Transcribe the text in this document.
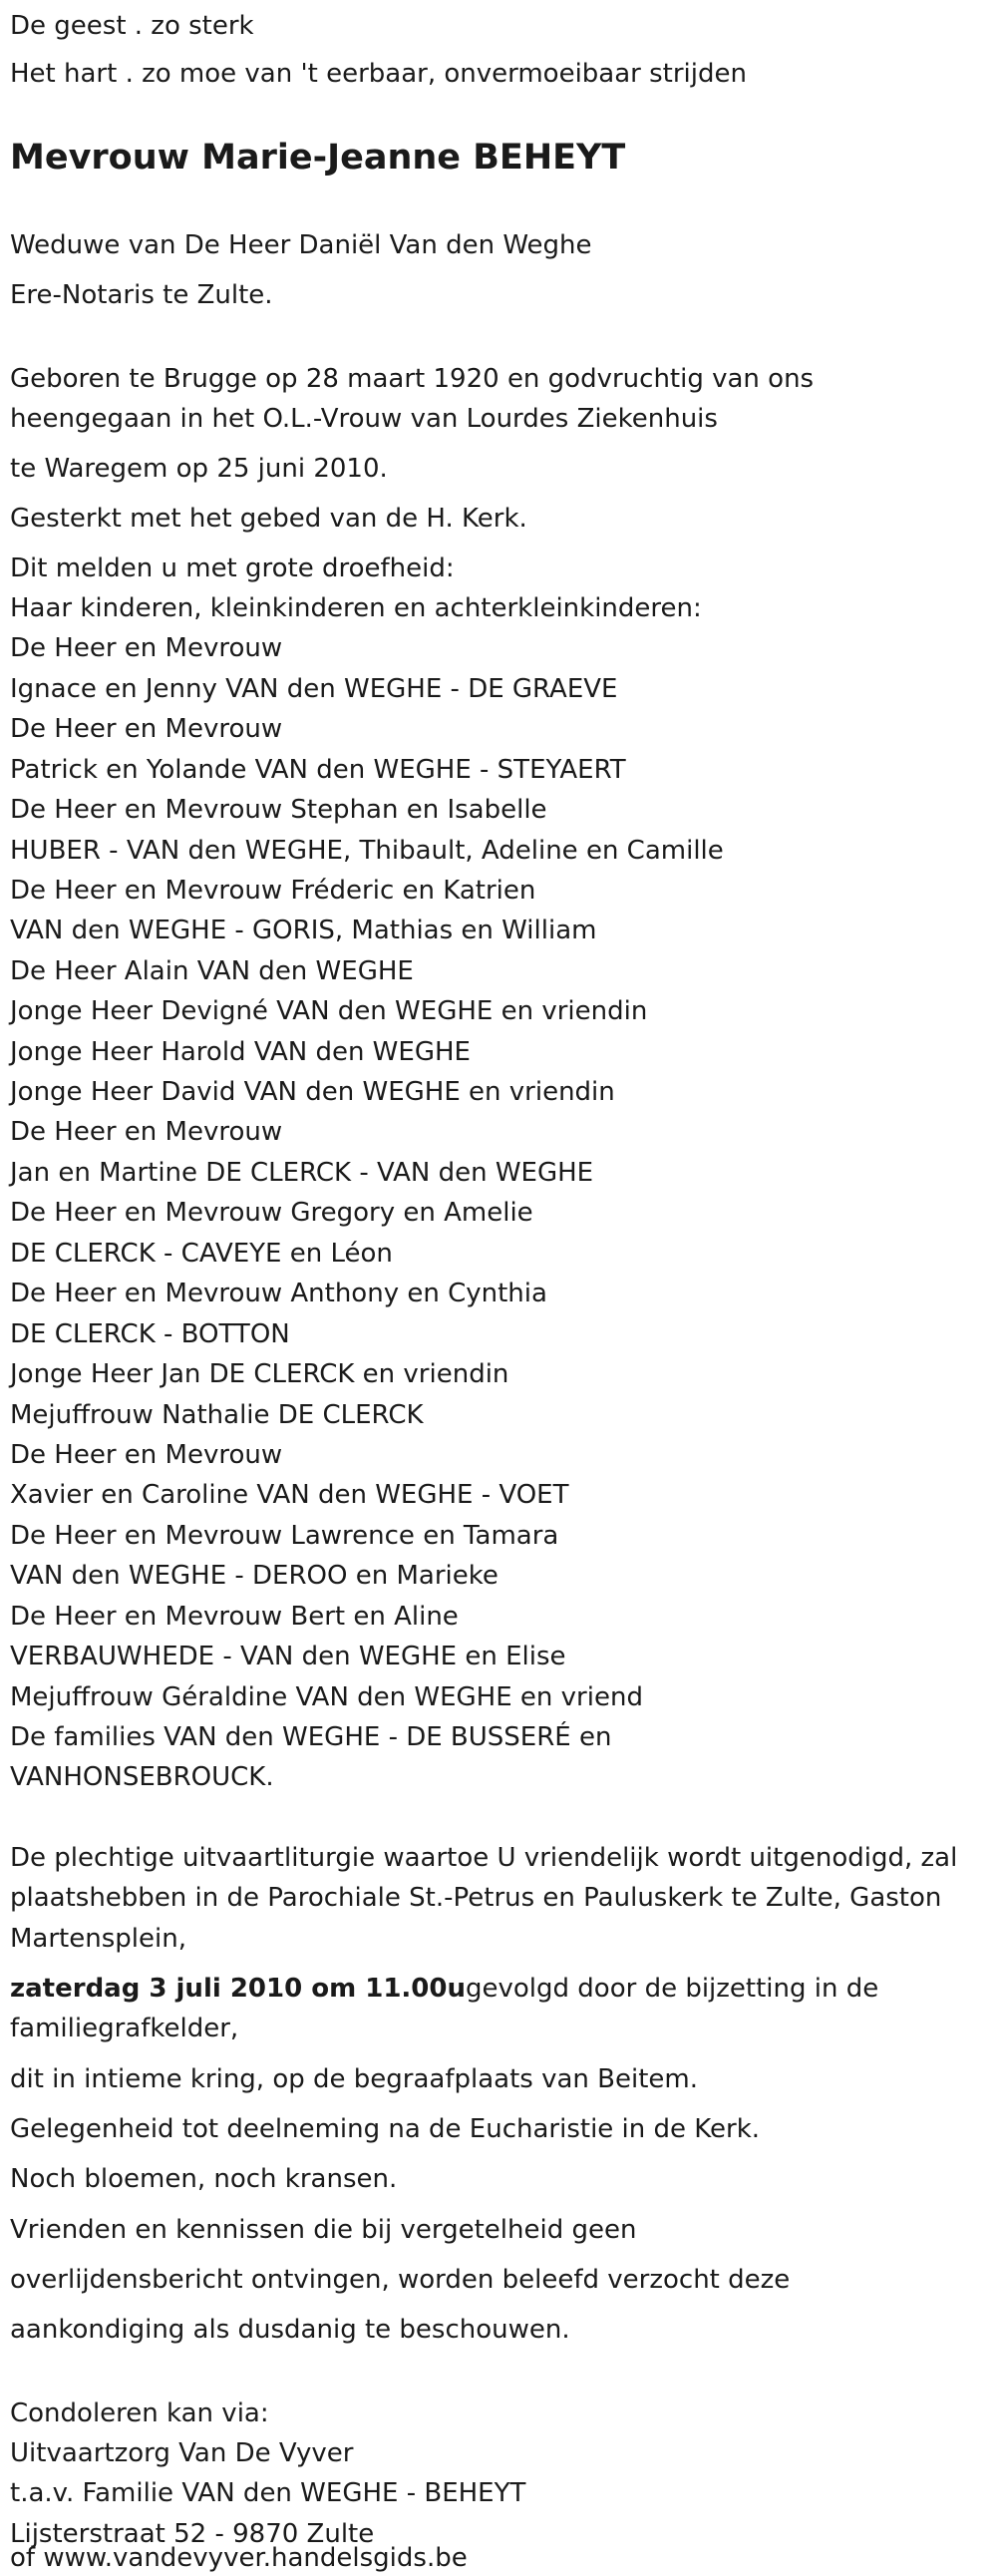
De geest . zo sterk
Het hart . zo moe van 't eerbaar, onvermoeibaar strijden
Mevrouw Marie-Jeanne BEHEYT
Weduwe van De Heer Daniël Van den Weghe
Ere-Notaris te Zulte.
Geboren te Brugge op 28 maart 1920 en godvruchtig van ons
heengegaan in het O.L.-Vrouw van Lourdes Ziekenhuis
te Waregem op 25 juni 2010.
Gesterkt met het gebed van de H. Kerk.
Dit melden u met grote droefheid:
Haar kinderen, kleinkinderen en achterkleinkinderen:
De Heer en Mevrouw
Ignace en Jenny VAN den WEGHE - DE GRAEVE
De Heer en Mevrouw
Patrick en Yolande VAN den WEGHE - STEYAERT
De Heer en Mevrouw Stephan en Isabelle
HUBER - VAN den WEGHE, Thibault, Adeline en Camille
De Heer en Mevrouw Fréderic en Katrien
VAN den WEGHE - GORIS, Mathias en William
De Heer Alain VAN den WEGHE
Jonge Heer Devigné VAN den WEGHE en vriendin
Jonge Heer Harold VAN den WEGHE
Jonge Heer David VAN den WEGHE en vriendin
De Heer en Mevrouw
Jan en Martine DE CLERCK - VAN den WEGHE
De Heer en Mevrouw Gregory en Amelie
DE CLERCK - CAVEYE en Léon
De Heer en Mevrouw Anthony en Cynthia
DE CLERCK - BOTTON
Jonge Heer Jan DE CLERCK en vriendin
Mejuffrouw Nathalie DE CLERCK
De Heer en Mevrouw
Xavier en Caroline VAN den WEGHE - VOET
De Heer en Mevrouw Lawrence en Tamara
VAN den WEGHE - DEROO en Marieke
De Heer en Mevrouw Bert en Aline
VERBAUWHEDE - VAN den WEGHE en Elise
Mejuffrouw Géraldine VAN den WEGHE en vriend
De families VAN den WEGHE - DE BUSSERÉ en
VANHONSEBROUCK.
De plechtige uitvaartliturgie waartoe U vriendelijk wordt uitgenodigd, zal
plaatshebben in de Parochiale St.-Petrus en Pauluskerk te Zulte, Gaston
Martensplein,
zaterdag 3 juli 2010 om 11.00ugevolgd door de bijzetting in de
familiegrafkelder,
dit in intieme kring, op de begraafplaats van Beitem.
Gelegenheid tot deelneming na de Eucharistie in de Kerk.
Noch bloemen, noch kransen.
Vrienden en kennissen die bij vergetelheid geen
overlijdensbericht ontvingen, worden beleefd verzocht deze
aankondiging als dusdanig te beschouwen.
Condoleren kan via:
Uitvaartzorg Van De Vyver
t.a.v. Familie VAN den WEGHE - BEHEYT
Lijsterstraat 52 - 9870 Zulte
of www.vandevyver.handelsgids.be
